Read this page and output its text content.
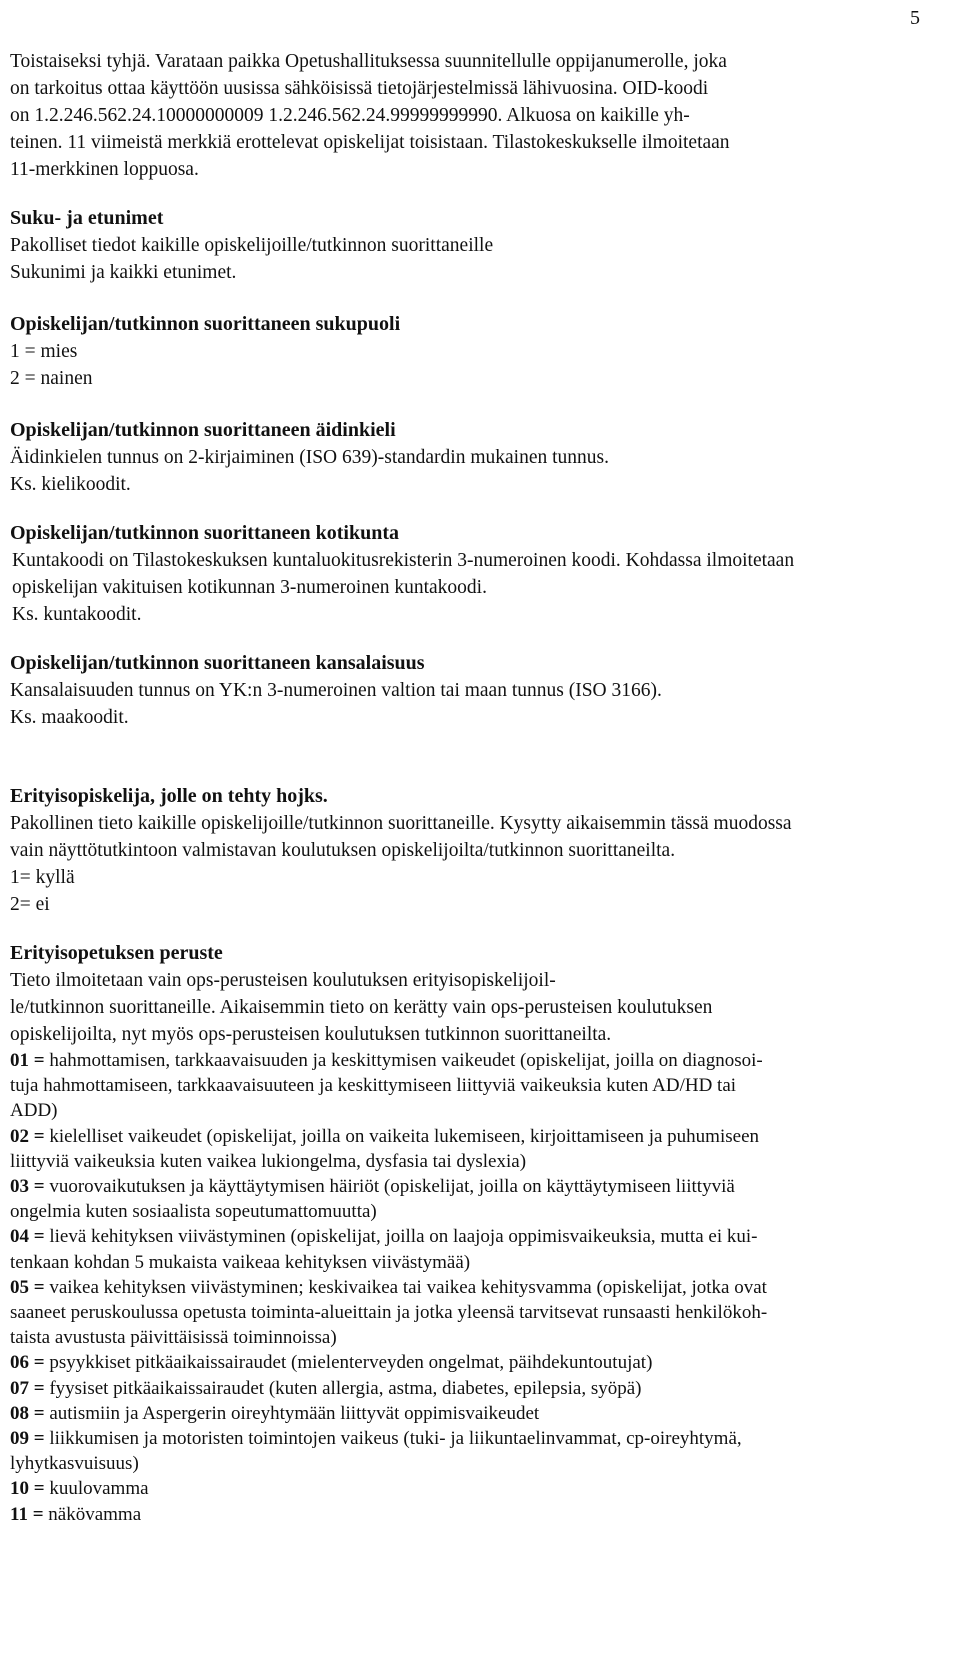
5

Toistaiseksi tyhjä. Varataan paikka Opetushallituksessa suunnitellulle oppijanumerolle, joka

on tarkoitus ottaa käyttöön uusissa sähköisissä tietojärjestelmissä lähivuosina. OID-koodi

on 1.2.246.562.24.10000000009 1.2.246.562.24.99999999990. Alkuosa on kaikille yh-

teinen. 11 viimeistä merkkiä erottelevat opiskelijat toisistaan. Tilastokeskukselle ilmoitetaan

11-merkkinen loppuosa.

Suku- ja etunimet

Pakolliset tiedot kaikille opiskelijoille/tutkinnon suorittaneille

Sukunimi ja kaikki etunimet.

Opiskelijan/tutkinnon suorittaneen sukupuoli

1 = mies

2 = nainen

Opiskelijan/tutkinnon suorittaneen äidinkieli

Äidinkielen tunnus on 2-kirjaiminen (ISO 639)-standardin mukainen tunnus.

Ks. kielikoodit.

Opiskelijan/tutkinnon suorittaneen kotikunta

Kuntakoodi on Tilastokeskuksen kuntaluokitusrekisterin 3-numeroinen koodi. Kohdassa ilmoitetaan

opiskelijan vakituisen kotikunnan 3-numeroinen kuntakoodi.

Ks. kuntakoodit.

Opiskelijan/tutkinnon suorittaneen kansalaisuus

Kansalaisuuden tunnus on YK:n 3-numeroinen valtion tai maan tunnus (ISO 3166).

Ks. maakoodit.

Erityisopiskelija, jolle on tehty hojks.

Pakollinen tieto kaikille opiskelijoille/tutkinnon suorittaneille. Kysytty aikaisemmin tässä muodossa

vain näyttötutkintoon valmistavan koulutuksen opiskelijoilta/tutkinnon suorittaneilta.

1= kyllä

2= ei

Erityisopetuksen peruste

Tieto ilmoitetaan vain ops-perusteisen koulutuksen erityisopiskelijoil-

le/tutkinnon suorittaneille. Aikaisemmin tieto on kerätty vain ops-perusteisen koulutuksen

opiskelijoilta, nyt myös ops-perusteisen koulutuksen tutkinnon suorittaneilta.

01 = hahmottamisen, tarkkaavaisuuden ja keskittymisen vaikeudet (opiskelijat, joilla on diagnosoi-

tuja hahmottamiseen, tarkkaavaisuuteen ja keskittymiseen liittyviä vaikeuksia kuten AD/HD tai

ADD)

02 = kielelliset vaikeudet (opiskelijat, joilla on vaikeita lukemiseen, kirjoittamiseen ja puhumiseen

liittyviä vaikeuksia kuten vaikea lukiongelma, dysfasia tai dyslexia)

03 = vuorovaikutuksen ja käyttäytymisen häiriöt (opiskelijat, joilla on käyttäytymiseen liittyviä

ongelmia kuten sosiaalista sopeutumattomuutta)

04 = lievä kehityksen viivästyminen (opiskelijat, joilla on laajoja oppimisvaikeuksia, mutta ei kui-

tenkaan kohdan 5 mukaista vaikeaa kehityksen viivästymää)

05 = vaikea kehityksen viivästyminen; keskivaikea tai vaikea kehitysvamma (opiskelijat, jotka ovat

saaneet peruskoulussa opetusta toiminta-alueittain ja jotka yleensä tarvitsevat runsaasti henkilökoh-

taista avustusta päivittäisissä toiminnoissa)

06 = psyykkiset pitkäaikaissairaudet (mielenterveyden ongelmat, päihdekuntoutujat)

07 = fyysiset pitkäaikaissairaudet (kuten allergia, astma, diabetes, epilepsia, syöpä)

08 = autismiin ja Aspergerin oireyhtymään liittyvät oppimisvaikeudet

09 = liikkumisen ja motoristen toimintojen vaikeus (tuki- ja liikuntaelinvammat, cp-oireyhtymä,

lyhytkasvuisuus)

10 = kuulovamma

11 = näkövamma
